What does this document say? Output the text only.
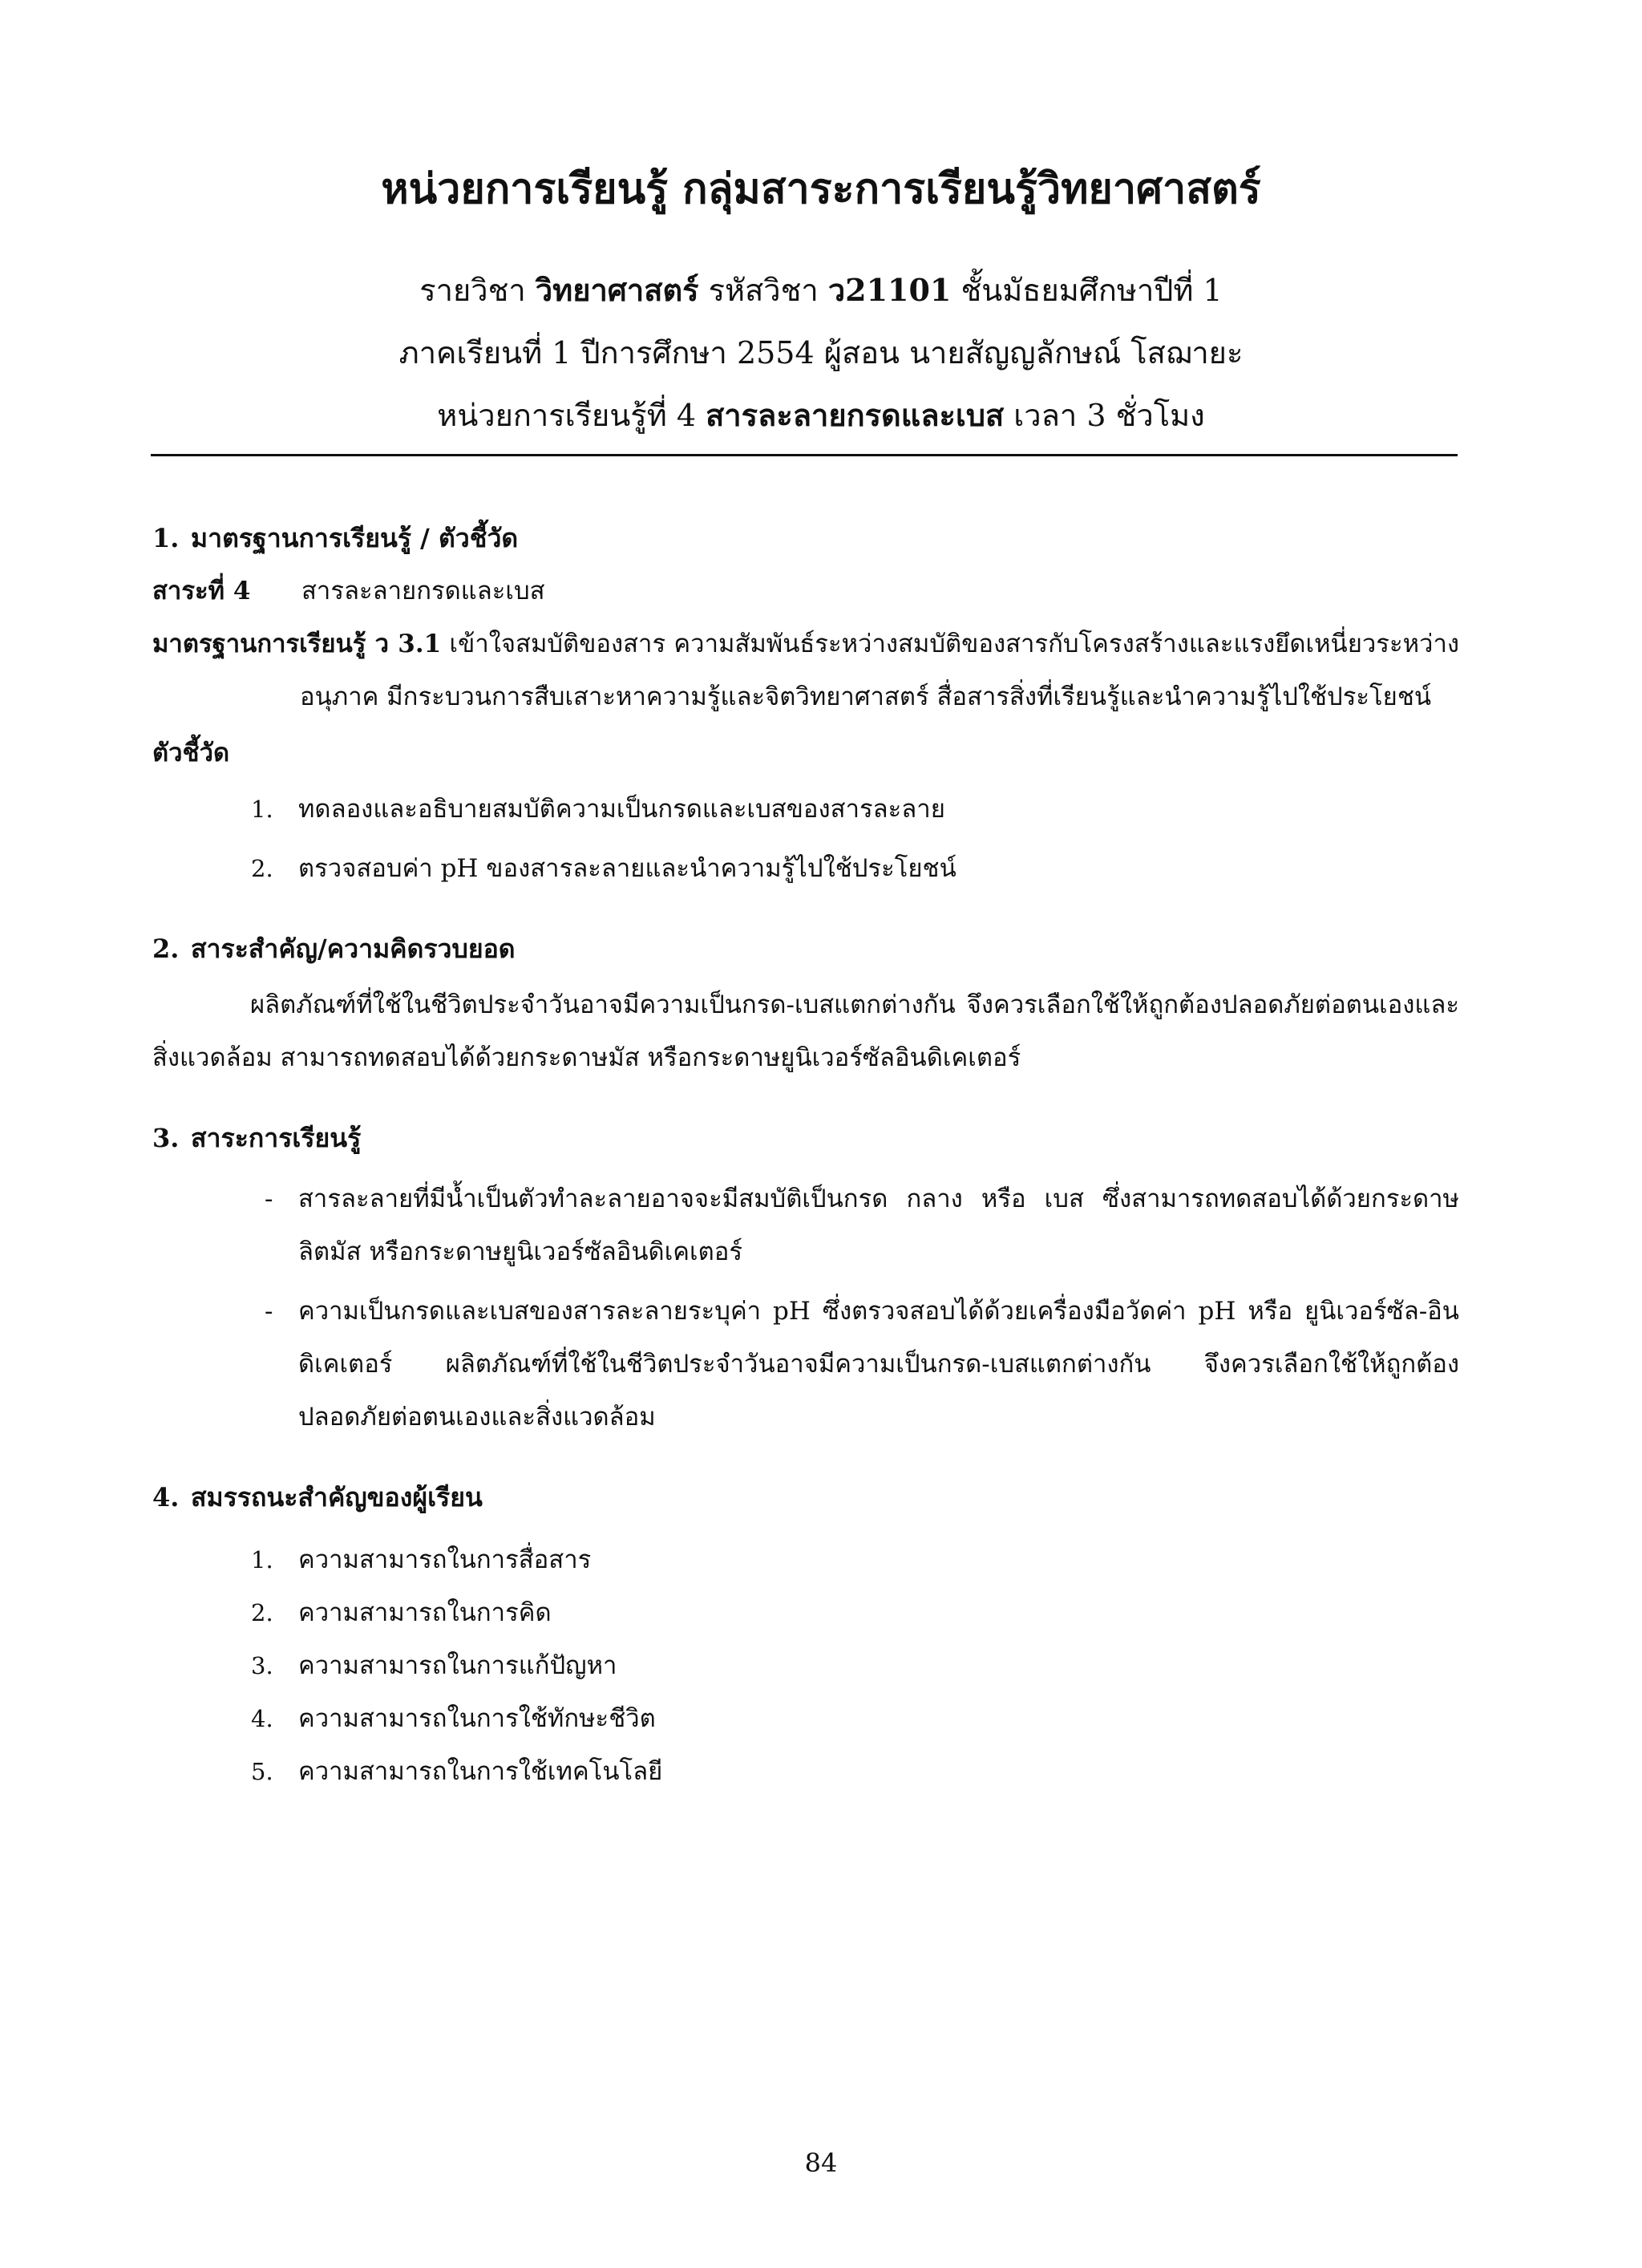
หน่วยการเรียนรู้ กลุ่มสาระการเรียนรู้วิทยาศาสตร์
รายวิชา วิทยาศาสตร์ รหัสวิชา ว21101 ชั้นมัธยมศึกษาปีที่ 1
ภาคเรียนที่ 1 ปีการศึกษา 2554 ผู้สอน นายสัญญลักษณ์ โสฌายะ
หน่วยการเรียนรู้ที่ 4 สารละลายกรดและเบส เวลา 3 ชั่วโมง
1. มาตรฐานการเรียนรู้ / ตัวชี้วัด
สาระที่ 4 สารละลายกรดและเบส
มาตรฐานการเรียนรู้ ว 3.1 เข้าใจสมบัติของสาร ความสัมพันธ์ระหว่างสมบัติของสารกับโครงสร้างและแรงยึดเหนี่ยวระหว่างอนุภาค มีกระบวนการสืบเสาะหาความรู้และจิตวิทยาศาสตร์ สื่อสารสิ่งที่เรียนรู้และนำความรู้ไปใช้ประโยชน์
ตัวชี้วัด
1. ทดลองและอธิบายสมบัติความเป็นกรดและเบสของสารละลาย
2. ตรวจสอบค่า pH ของสารละลายและนำความรู้ไปใช้ประโยชน์
2. สาระสำคัญ/ความคิดรวบยอด

ผลิตภัณฑ์ที่ใช้ในชีวิตประจำวันอาจมีความเป็นกรด-เบสแตกต่างกัน จึงควรเลือกใช้ให้ถูกต้องปลอดภัยต่อตนเองและสิ่งแวดล้อม สามารถทดสอบได้ด้วยกระดาษมัส หรือกระดาษยูนิเวอร์ซัลอินดิเคเตอร์

3. สาระการเรียนรู้
- สารละลายที่มีน้ำเป็นตัวทำละลายอาจจะมีสมบัติเป็นกรด กลาง หรือ เบส ซึ่งสามารถทดสอบได้ด้วยกระดาษลิตมัส หรือกระดาษยูนิเวอร์ซัลอินดิเคเตอร์
- ความเป็นกรดและเบสของสารละลายระบุค่า pH ซึ่งตรวจสอบได้ด้วยเครื่องมือวัดค่า pH หรือ ยูนิเวอร์ซัล-อินดิเคเตอร์ ผลิตภัณฑ์ที่ใช้ในชีวิตประจำวันอาจมีความเป็นกรด-เบสแตกต่างกัน จึงควรเลือกใช้ให้ถูกต้องปลอดภัยต่อตนเองและสิ่งแวดล้อม
4. สมรรถนะสำคัญของผู้เรียน
1. ความสามารถในการสื่อสาร
2. ความสามารถในการคิด
3. ความสามารถในการแก้ปัญหา
4. ความสามารถในการใช้ทักษะชีวิต
5. ความสามารถในการใช้เทคโนโลยี
84
